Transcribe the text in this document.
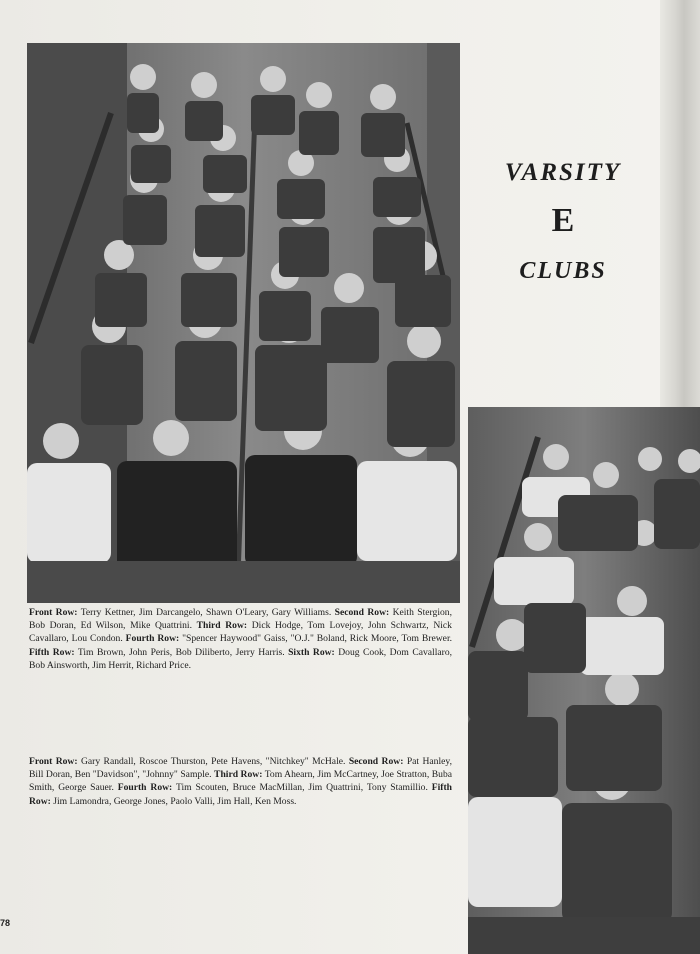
VARSITY
E
CLUBS
Front Row: Terry Kettner, Jim Darcangelo, Shawn O'Leary, Gary Williams. Second Row: Keith Stergion, Bob Doran, Ed Wilson, Mike Quattrini. Third Row: Dick Hodge, Tom Lovejoy, John Schwartz, Nick Cavallaro, Lou Condon. Fourth Row: "Spencer Haywood" Gaiss, "O.J." Boland, Rick Moore, Tom Brewer. Fifth Row: Tim Brown, John Peris, Bob Diliberto, Jerry Harris. Sixth Row: Doug Cook, Dom Cavallaro, Bob Ainsworth, Jim Herrit, Richard Price.
Front Row: Gary Randall, Roscoe Thurston, Pete Havens, "Nitchkey" McHale. Second Row: Pat Hanley, Bill Doran, Ben "Davidson", "Johnny" Sample. Third Row: Tom Ahearn, Jim McCartney, Joe Stratton, Buba Smith, George Sauer. Fourth Row: Tim Scouten, Bruce MacMillan, Jim Quattrini, Tony Stamillio. Fifth Row: Jim Lamondra, George Jones, Paolo Valli, Jim Hall, Ken Moss.
78
